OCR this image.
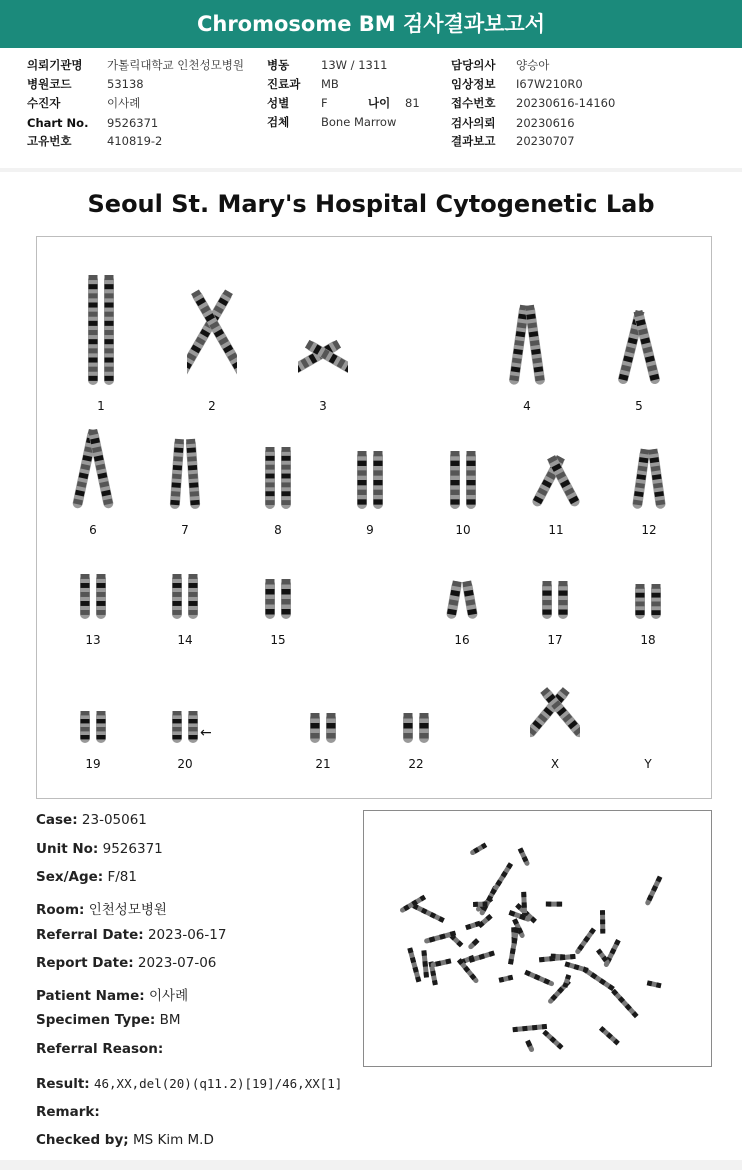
Chromosome BM 검사결과보고서
의뢰기관명 가톨릭대학교 인천성모병원
병원코드	53138
수진자	이사례
Chart No. 9526371
고유번호	410819-2
병동	13W / 1311
진료과 MB
성별	F	나이 81
검체	Bone Marrow
담당의사 양승아
임상정보 I67W210R0
접수번호 20230616-14160
검사의뢰 20230616
결과보고 20230707
Seoul St. Mary's Hospital Cytogenetic Lab
←
1	2	3	4	5
6	7	8	9	10	11	12
13	14	15	16	17	18
19	20	21	22	X	Y
Case: 23-05061
Unit No: 9526371
Sex/Age: F/81
Room: 인천성모병원
Referral Date: 2023-06-17
Report Date: 2023-07-06
Patient Name: 이사례
Specimen Type: BM
Referral Reason:
Result: 46,XX,del(20)(q11.2)[19]/46,XX[1]
Remark:
Checked by; MS Kim M.D
